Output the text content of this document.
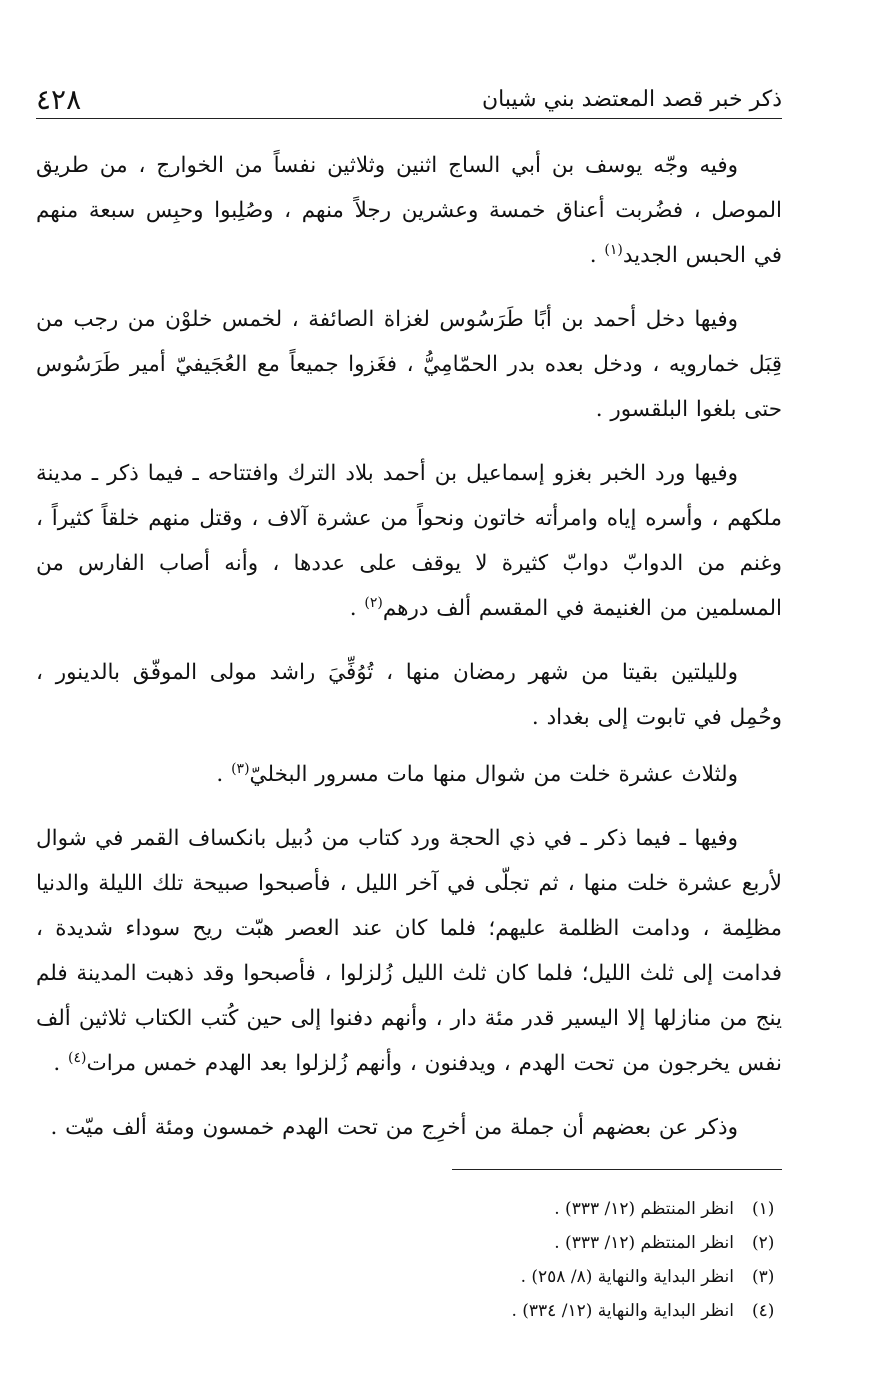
ذكر خبر قصد المعتضد بني شيبان
٤٢٨

وفيه وجّه يوسف بن أبي الساج اثنين وثلاثين نفساً من الخوارج ، من طريق الموصل ، فضُربت أعناق خمسة وعشرين رجلاً منهم ، وصُلِبوا وحبِس سبعة منهم في الحبس الجديد$^{(١)}$ .

وفيها دخل أحمد بن أبًا طَرَسُوس لغزاة الصائفة ، لخمس خلوْن من رجب من قِبَل خمارويه ، ودخل بعده بدر الحمّامِيُّ ، فغَزوا جميعاً مع العُجَيفيّ أمير طَرَسُوس حتى بلغوا البلقسور .

وفيها ورد الخبر بغزو إسماعيل بن أحمد بلاد الترك وافتتاحه ـ فيما ذكر ـ مدينة ملكهم ، وأسره إياه وامرأته خاتون ونحواً من عشرة آلاف ، وقتل منهم خلقاً كثيراً ، وغنم من الدوابّ دوابّ كثيرة لا يوقف على عددها ، وأنه أصاب الفارس من المسلمين من الغنيمة في المقسم ألف درهم$^{(٢)}$ .

ولليلتين بقيتا من شهر رمضان منها ، تُوُفِّيَ راشد مولى الموفّق بالدينور ، وحُمِل في تابوت إلى بغداد .

ولثلاث عشرة خلت من شوال منها مات مسرور البخليّ$^{(٣)}$ .

وفيها ـ فيما ذكر ـ في ذي الحجة ورد كتاب من دُبيل بانكساف القمر في شوال لأربع عشرة خلت منها ، ثم تجلّى في آخر الليل ، فأصبحوا صبيحة تلك الليلة والدنيا مظلِمة ، ودامت الظلمة عليهم؛ فلما كان عند العصر هبّت ريح سوداء شديدة ، فدامت إلى ثلث الليل؛ فلما كان ثلث الليل زُلزلوا ، فأصبحوا وقد ذهبت المدينة فلم ينج من منازلها إلا اليسير قدر مئة دار ، وأنهم دفنوا إلى حين كُتب الكتاب ثلاثين ألف نفس يخرجون من تحت الهدم ، ويدفنون ، وأنهم زُلزلوا بعد الهدم خمس مرات$^{(٤)}$ .

وذكر عن بعضهم أن جملة من أخرِج من تحت الهدم خمسون ومئة ألف ميّت .

(١)
انظر المنتظم (١٢/ ٣٣٣) .
(٢)
انظر المنتظم (١٢/ ٣٣٣) .
(٣)
انظر البداية والنهاية (٨/ ٢٥٨) .
(٤)
انظر البداية والنهاية (١٢/ ٣٣٤) .
